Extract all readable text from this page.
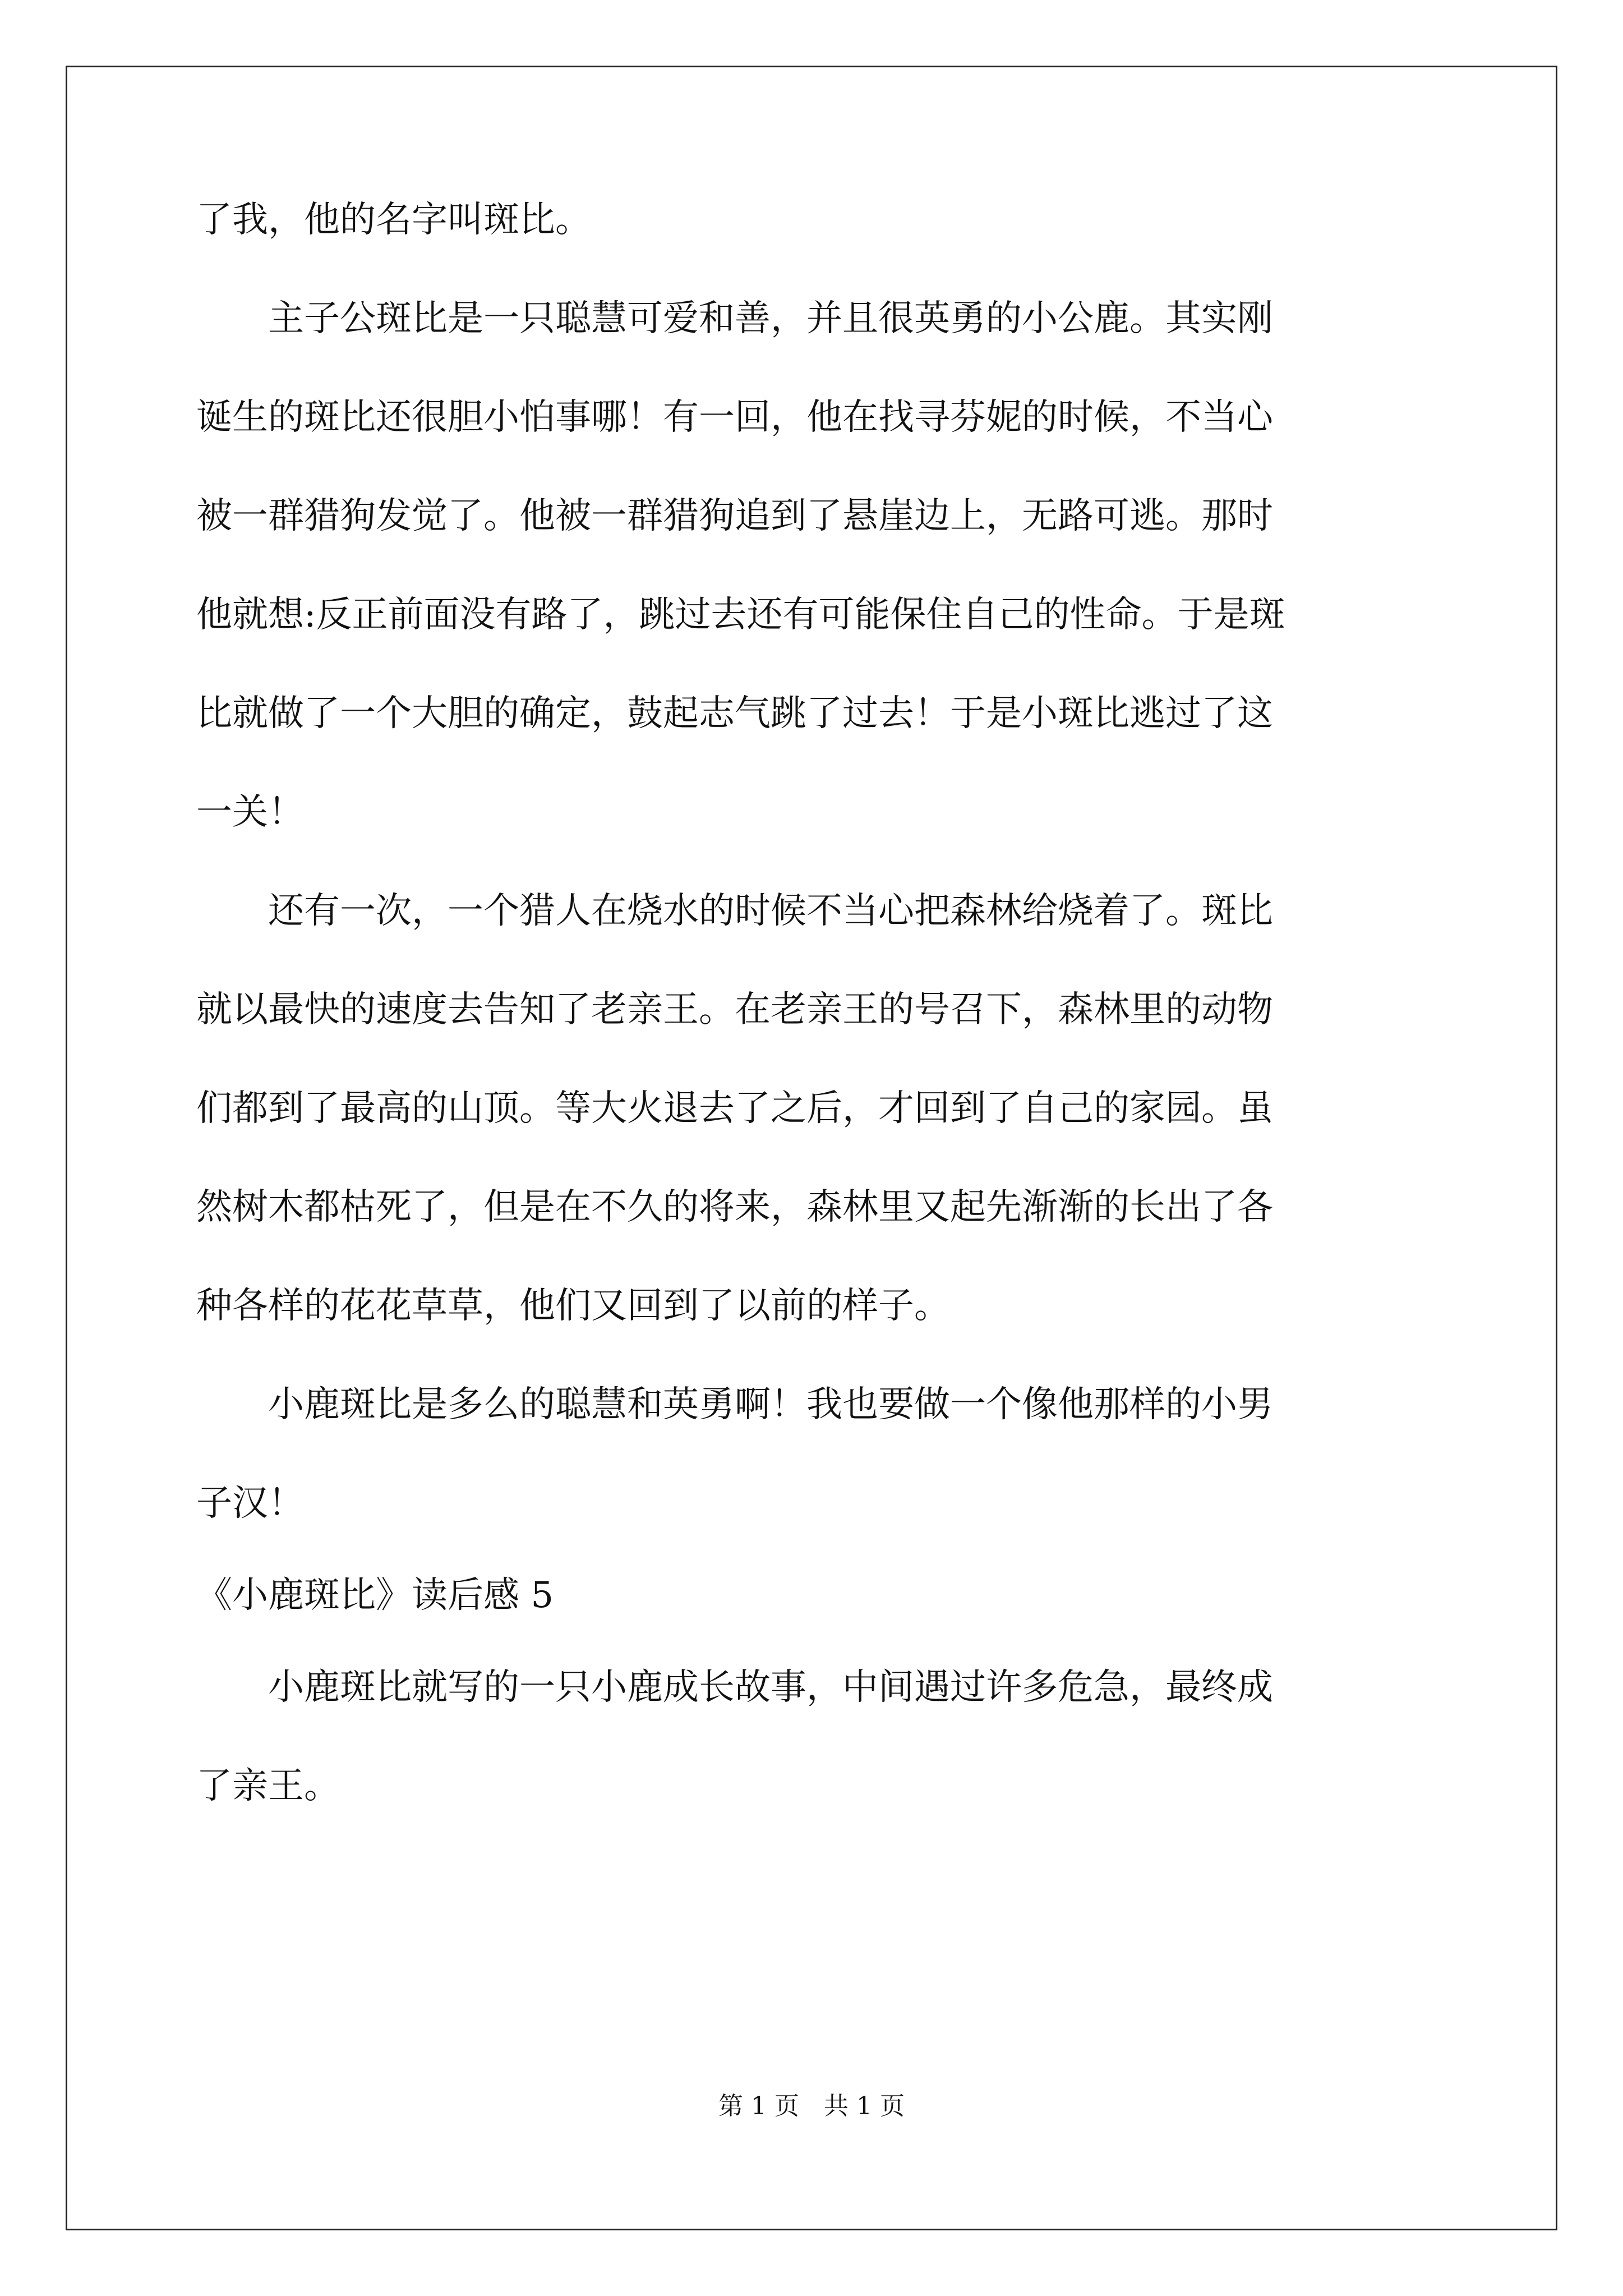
了我，他的名字叫斑比。
主子公斑比是一只聪慧可爱和善，并且很英勇的小公鹿。其实刚
诞生的斑比还很胆小怕事哪！有一回，他在找寻芬妮的时候，不当心
被一群猎狗发觉了。他被一群猎狗追到了悬崖边上，无路可逃。那时
他就想:反正前面没有路了，跳过去还有可能保住自己的性命。于是斑
比就做了一个大胆的确定，鼓起志气跳了过去！于是小斑比逃过了这
一关！
还有一次，一个猎人在烧水的时候不当心把森林给烧着了。斑比
就以最快的速度去告知了老亲王。在老亲王的号召下，森林里的动物
们都到了最高的山顶。等大火退去了之后，才回到了自己的家园。虽
然树木都枯死了，但是在不久的将来，森林里又起先渐渐的长出了各
种各样的花花草草，他们又回到了以前的样子。
小鹿斑比是多么的聪慧和英勇啊！我也要做一个像他那样的小男
子汉！
《小鹿斑比》读后感 5
小鹿斑比就写的一只小鹿成长故事，中间遇过许多危急，最终成
了亲王。
第 1 页　共 1 页
